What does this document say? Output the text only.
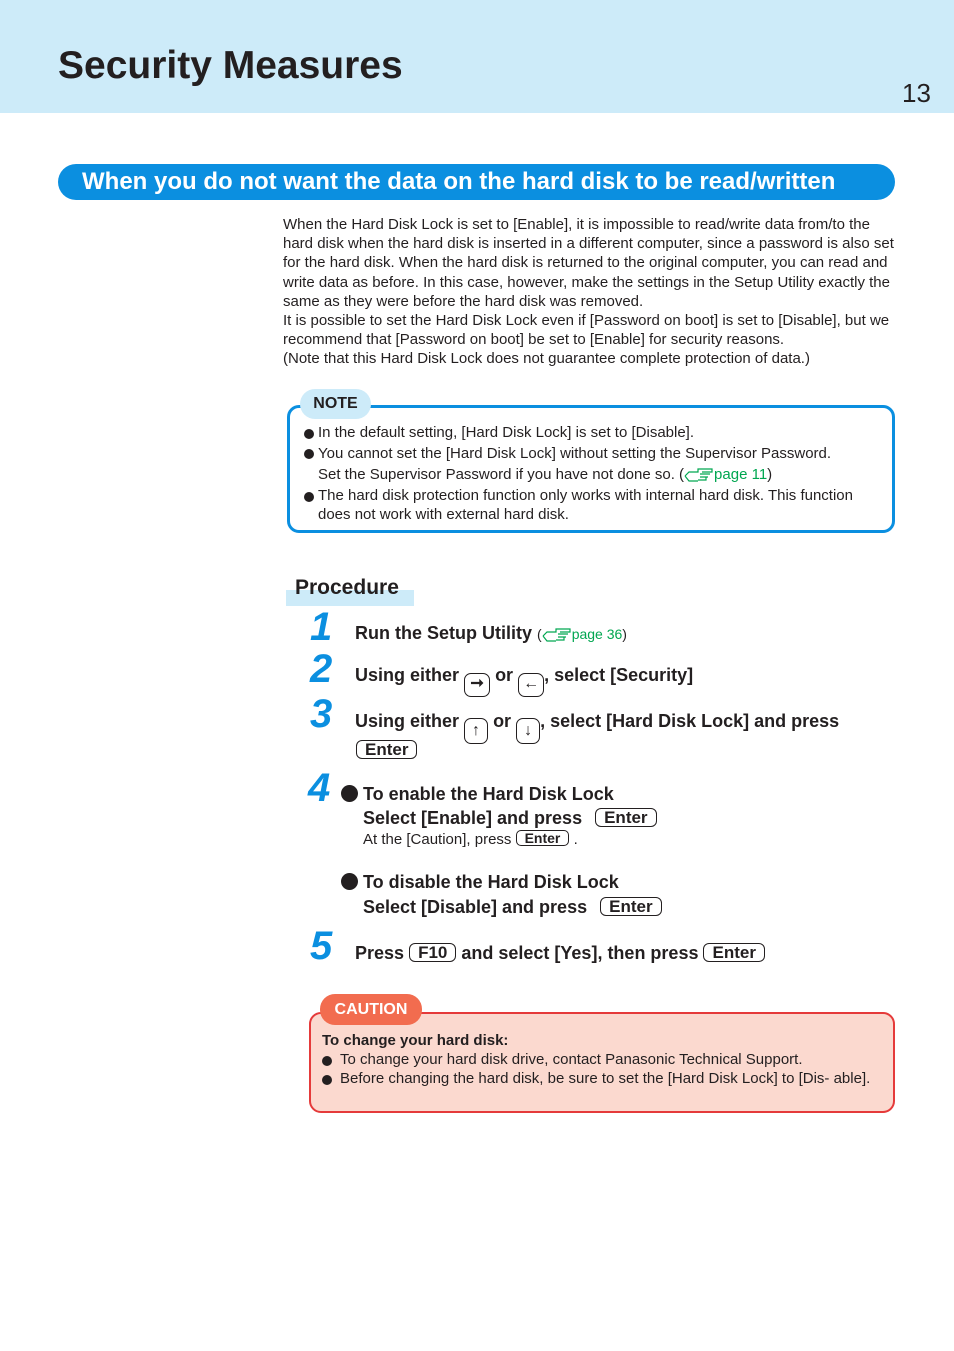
Security Measures
13
When you do not want the data on the hard disk to be read/written

When the Hard Disk Lock is set to [Enable], it is impossible to read/write data from/to the hard disk when the hard disk is inserted in a different computer, since a password is also set for the hard disk. When the hard disk is returned to the original computer, you can read and write data as before. In this case, however, make the settings in the Setup Utility exactly the same as they were before the hard disk was removed.

It is possible to set the Hard Disk Lock even if [Password on boot] is set to [Disable], but we recommend that [Password on boot] be set to [Enable] for security reasons.

(Note that this Hard Disk Lock does not guarantee complete protection of data.)

NOTE

In the default setting, [Hard Disk Lock] is set to [Disable].

You cannot set the [Hard Disk Lock] without setting the Supervisor Password.
Set the Supervisor Password if you have not done so. ( page 11)

The hard disk protection function only works with internal hard disk. This function does not work with external hard disk.

Procedure
1 Run the Setup Utility ( page 36)
2 Using either ➞ or ← , select [Security]
3 Using either ↑ or ↓ , select [Hard Disk Lock] and press
Enter
4	To enable the Hard Disk Lock
Select [Enable] and press Enter
At the [Caution], press Enter .
To disable the Hard Disk Lock
Select [Disable] and press Enter
5 Press F10 and select [Yes], then press Enter
CAUTION
To change your hard disk:

To change your hard disk drive, contact Panasonic Technical Support.

Before changing the hard disk, be sure to set the [Hard Disk Lock] to [Dis- able].
